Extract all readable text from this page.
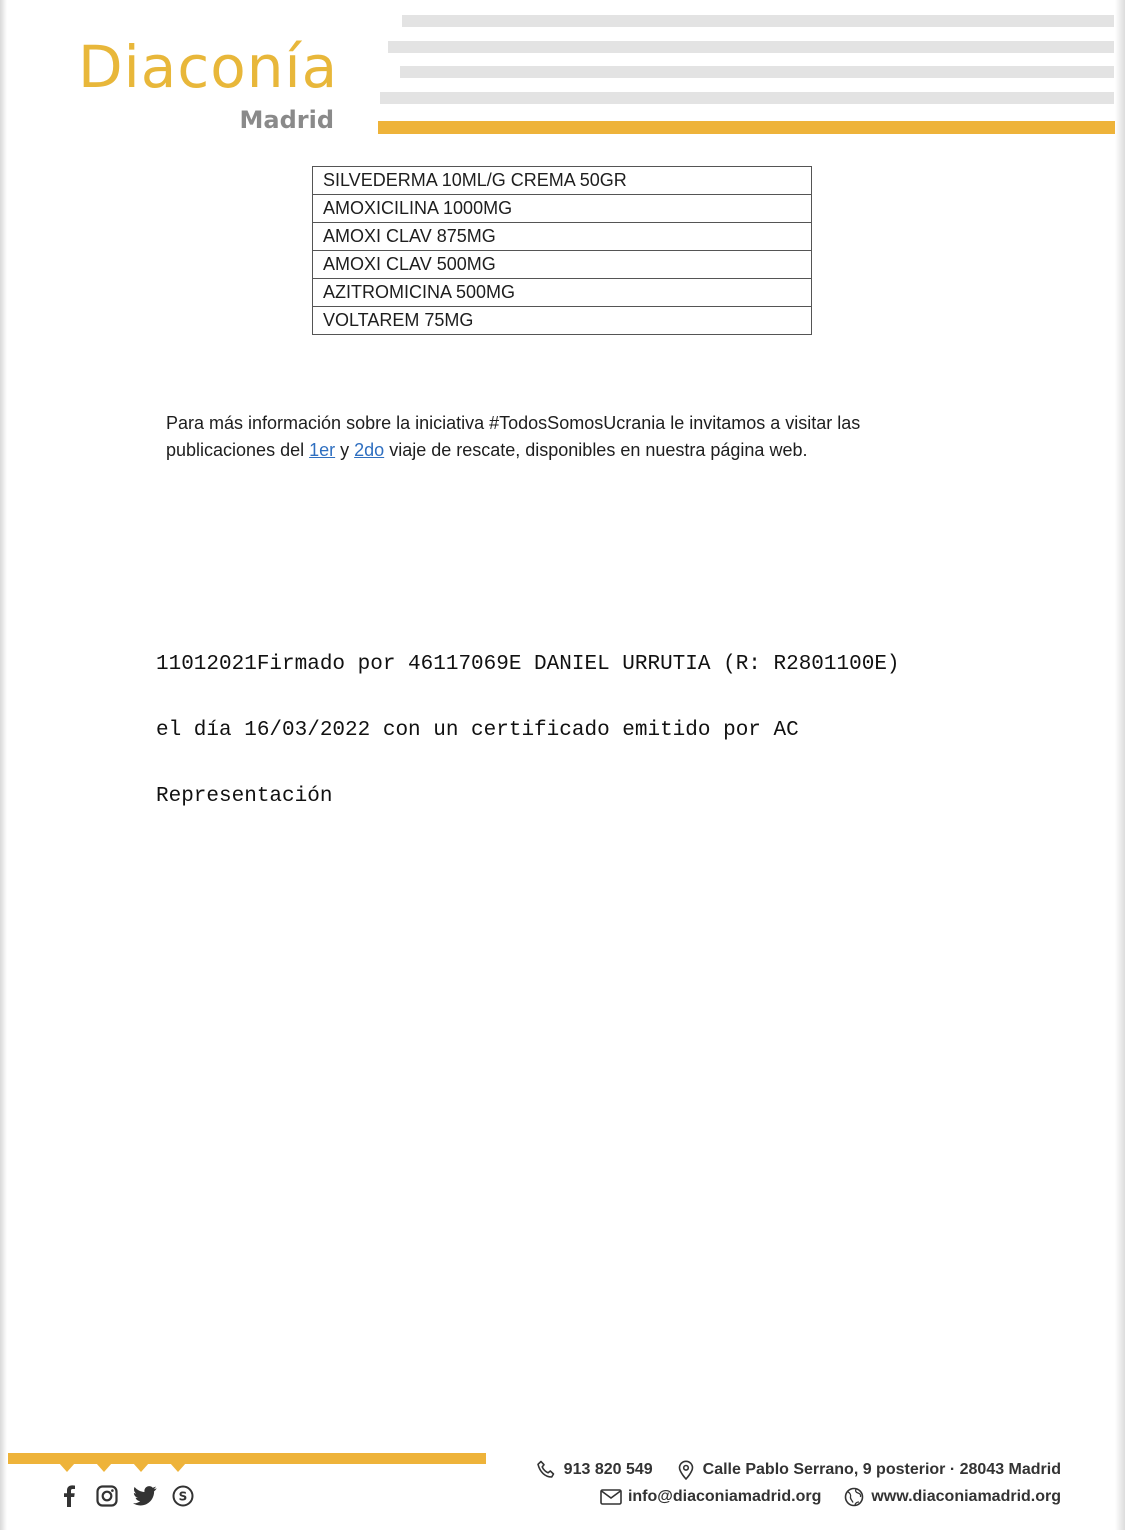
Diaconía
Madrid
SILVEDERMA 10ML/G CREMA 50GR
AMOXICILINA 1000MG
AMOXI CLAV 875MG
AMOXI CLAV 500MG
AZITROMICINA 500MG
VOLTAREM 75MG
Para más información sobre la iniciativa #TodosSomosUcrania le invitamos a visitar las
publicaciones del 1er y 2do viaje de rescate, disponibles en nuestra página web.

11012021Firmado por 46117069E DANIEL URRUTIA (R: R2801100E)

el día 16/03/2022 con un certificado emitido por AC

Representación

S
913 820 549	Calle Pablo Serrano, 9 posterior · 28043 Madrid
info@diaconiamadrid.org	www.diaconiamadrid.org
